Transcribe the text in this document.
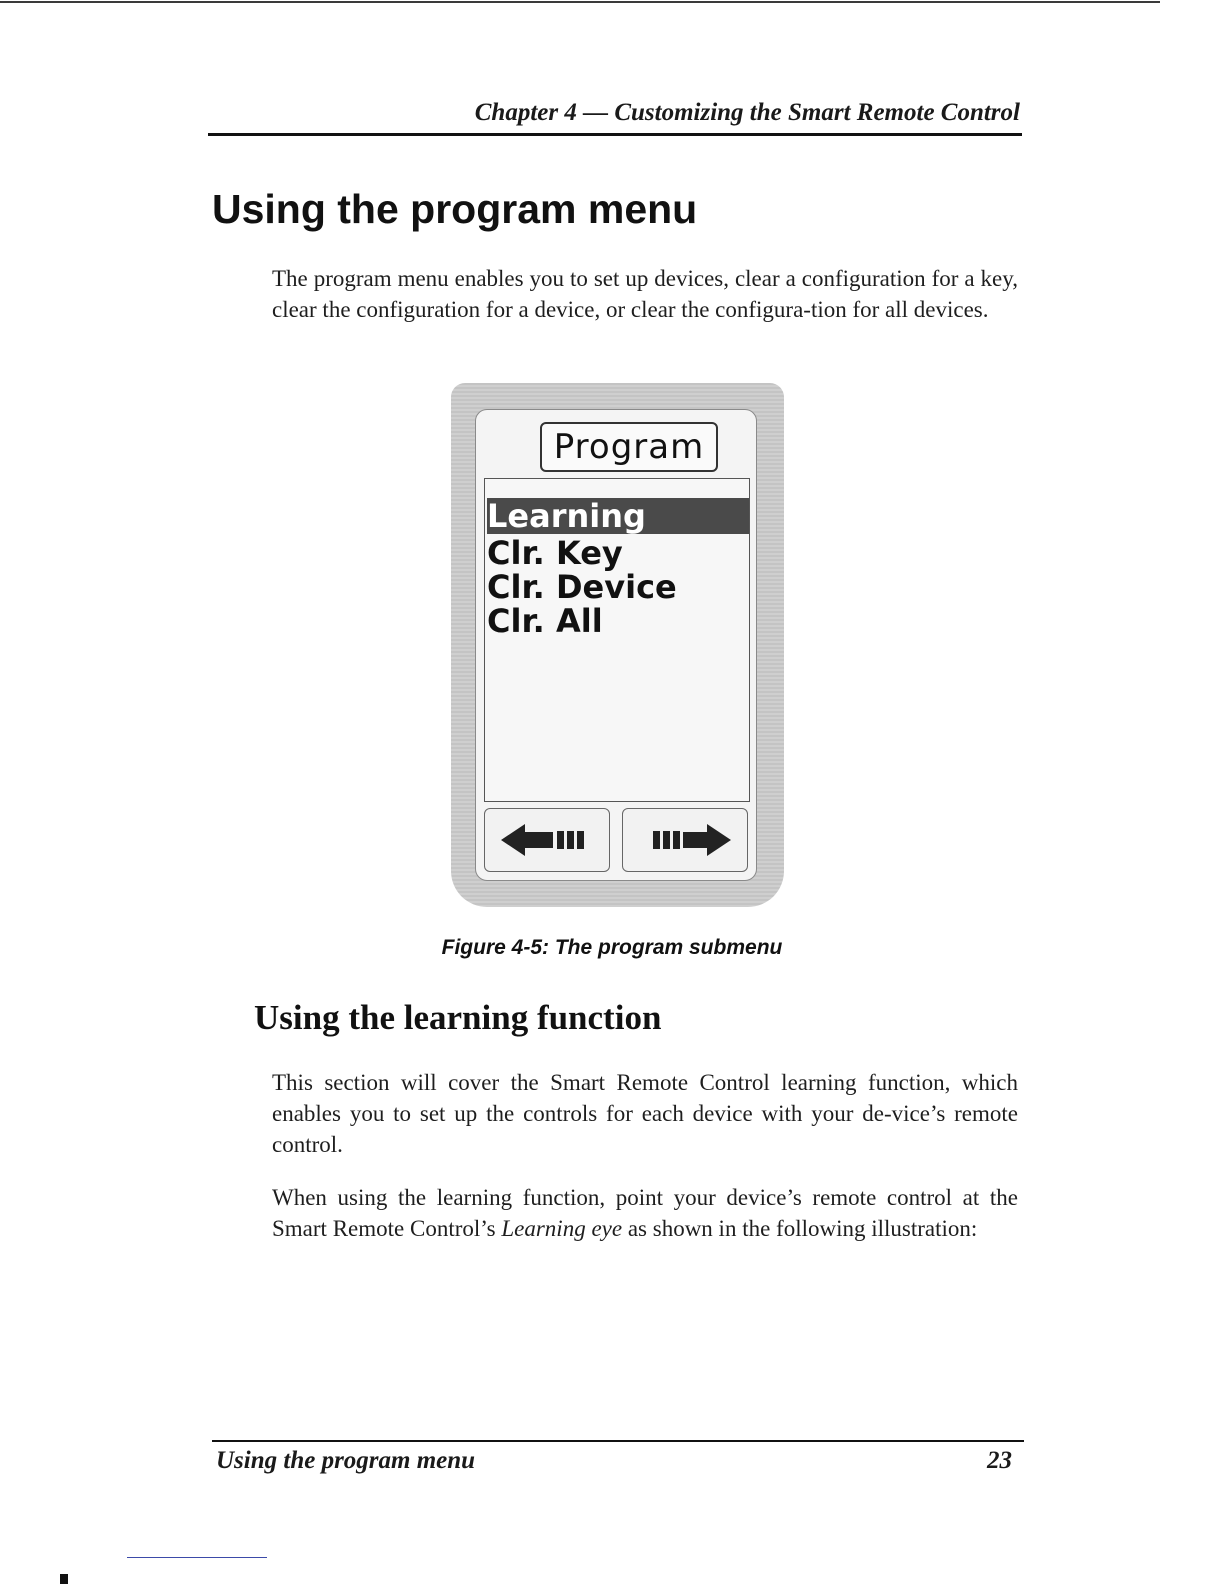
Chapter 4 — Customizing the Smart Remote Control
Using the program menu

The program menu enables you to set up devices, clear a configuration for a key, clear the configuration for a device, or clear the configura-tion for all devices.

Program
Learning
Clr. Key
Clr. Device
Clr. All

Figure 4-5: The program submenu

Using the learning function

This section will cover the Smart Remote Control learning function, which enables you to set up the controls for each device with your de-vice’s remote control.

When using the learning function, point your device’s remote control at the Smart Remote Control’s Learning eye as shown in the following illustration:

Using the program menu	23
